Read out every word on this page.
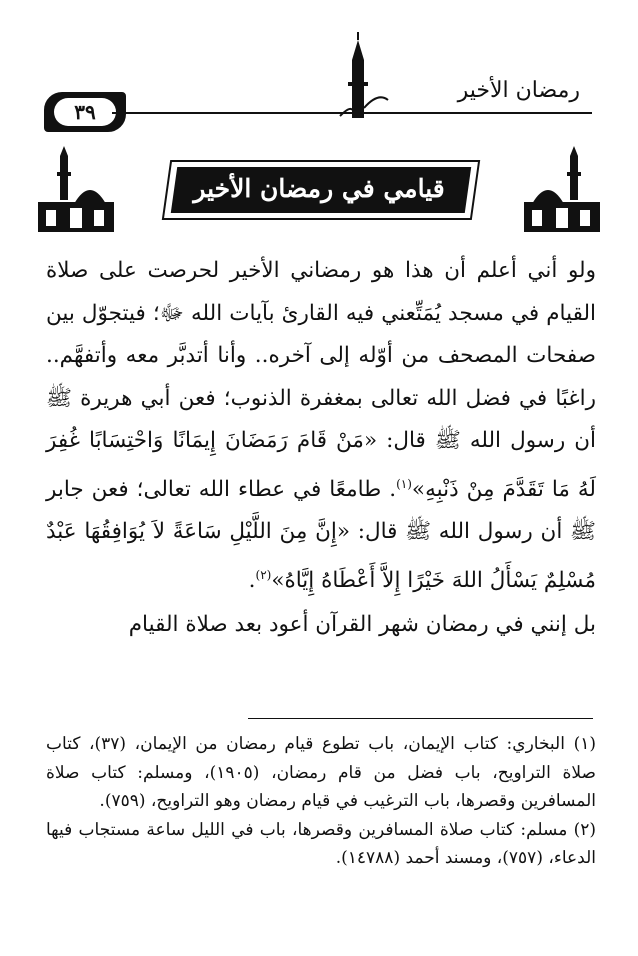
٣٩
رمضان الأخير
قيامي في رمضان الأخير

ولو أني أعلم أن هذا هو رمضاني الأخير لحرصت على صلاة القيام في مسجد يُمَتِّعني فيه القارئ بآيات الله ﷻ؛ فيتجوّل بين صفحات المصحف من أوّله إلى آخره.. وأنا أتدبَّر معه وأتفهَّم.. راغبًا في فضل الله تعالى بمغفرة الذنوب؛ فعن أبي هريرة ﷺ أن رسول الله ﷺ قال: «مَنْ قَامَ رَمَضَانَ إِيمَانًا وَاحْتِسَابًا غُفِرَ لَهُ مَا تَقَدَّمَ مِنْ ذَنْبِهِ»$^{(١)}$. طامعًا في عطاء الله تعالى؛ فعن جابر ﷺ أن رسول الله ﷺ قال: «إِنَّ مِنَ اللَّيْلِ سَاعَةً لاَ يُوَافِقُهَا عَبْدٌ مُسْلِمٌ يَسْأَلُ اللهَ خَيْرًا إِلاَّ أَعْطَاهُ إِيَّاهُ»$^{(٢)}$.

بل إنني في رمضان شهر القرآن أعود بعد صلاة القيام

(١) البخاري: كتاب الإيمان، باب تطوع قيام رمضان من الإيمان، (٣٧)، كتاب صلاة التراويح، باب فضل من قام رمضان، (١٩٠٥)، ومسلم: كتاب صلاة المسافرين وقصرها، باب الترغيب في قيام رمضان وهو التراويح، (٧٥٩).

(٢) مسلم: كتاب صلاة المسافرين وقصرها، باب في الليل ساعة مستجاب فيها الدعاء، (٧٥٧)، ومسند أحمد (١٤٧٨٨).
